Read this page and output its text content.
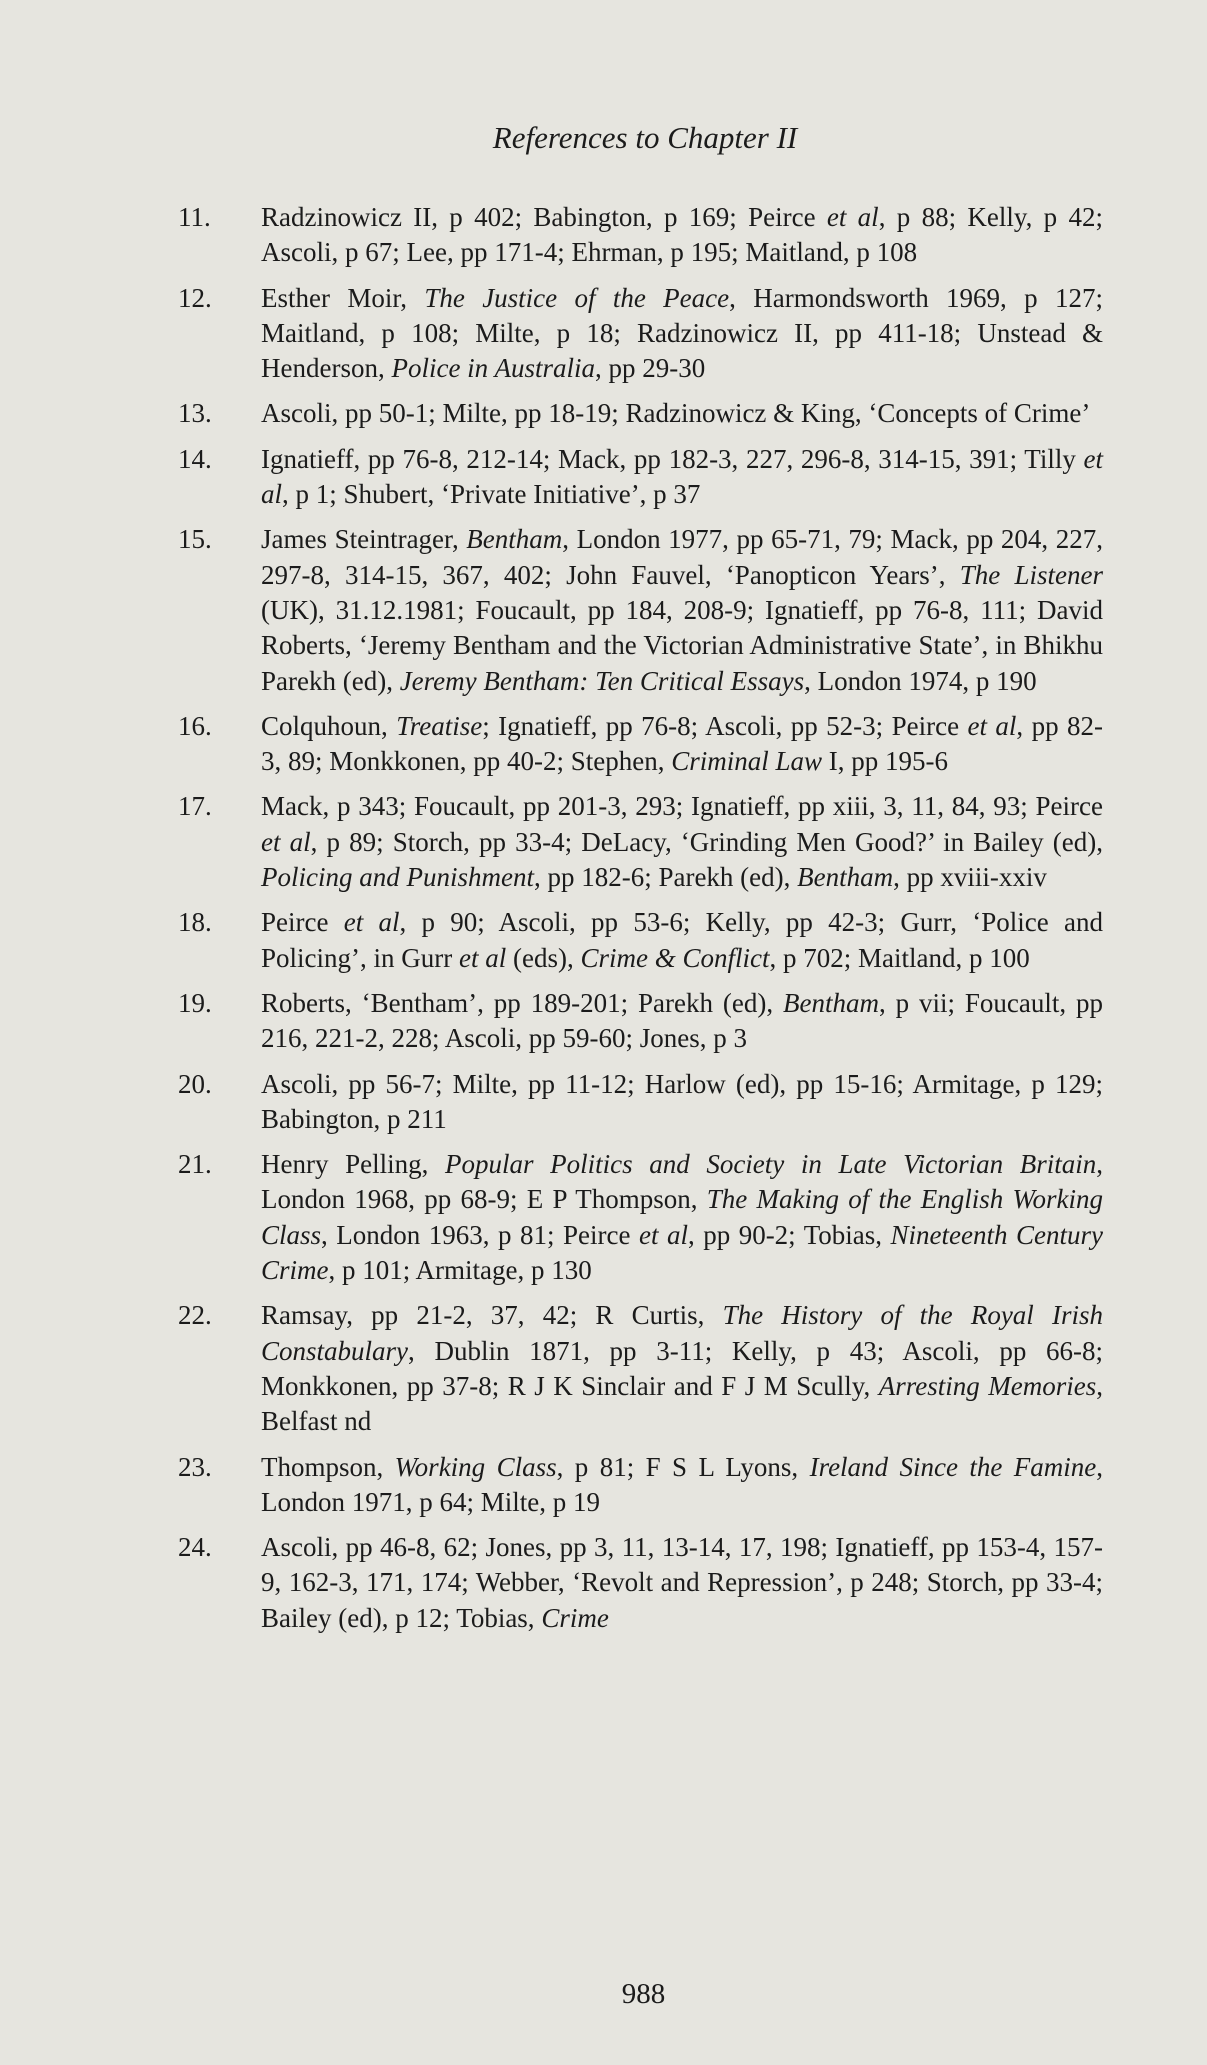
References to Chapter II
11.	Radzinowicz II, p 402; Babington, p 169; Peirce et al, p 88; Kelly, p 42; Ascoli, p 67; Lee, pp 171-4; Ehrman, p 195; Maitland, p 108
12.	Esther Moir, The Justice of the Peace, Harmondsworth 1969, p 127; Maitland, p 108; Milte, p 18; Radzinowicz II, pp 411-18; Unstead & Henderson, Police in Australia, pp 29-30
13.	Ascoli, pp 50-1; Milte, pp 18-19; Radzinowicz & King, ‘Concepts of Crime’
14.	Ignatieff, pp 76-8, 212-14; Mack, pp 182-3, 227, 296-8, 314-15, 391; Tilly et al, p 1; Shubert, ‘Private Initiative’, p 37
15.	James Steintrager, Bentham, London 1977, pp 65-71, 79; Mack, pp 204, 227, 297-8, 314-15, 367, 402; John Fauvel, ‘Panopticon Years’, The Listener (UK), 31.12.1981; Foucault, pp 184, 208-9; Ignatieff, pp 76-8, 111; David Roberts, ‘Jeremy Bentham and the Victorian Administrative State’, in Bhikhu Parekh (ed), Jeremy Bentham: Ten Critical Essays, London 1974, p 190
16.	Colquhoun, Treatise; Ignatieff, pp 76-8; Ascoli, pp 52-3; Peirce et al, pp 82-3, 89; Monkkonen, pp 40-2; Stephen, Criminal Law I, pp 195-6
17.	Mack, p 343; Foucault, pp 201-3, 293; Ignatieff, pp xiii, 3, 11, 84, 93; Peirce et al, p 89; Storch, pp 33-4; DeLacy, ‘Grinding Men Good?’ in Bailey (ed), Policing and Punishment, pp 182-6; Parekh (ed), Bentham, pp xviii-xxiv
18.	Peirce et al, p 90; Ascoli, pp 53-6; Kelly, pp 42-3; Gurr, ‘Police and Policing’, in Gurr et al (eds), Crime & Conflict, p 702; Maitland, p 100
19.	Roberts, ‘Bentham’, pp 189-201; Parekh (ed), Bentham, p vii; Foucault, pp 216, 221-2, 228; Ascoli, pp 59-60; Jones, p 3
20.	Ascoli, pp 56-7; Milte, pp 11-12; Harlow (ed), pp 15-16; Armitage, p 129; Babington, p 211
21.	Henry Pelling, Popular Politics and Society in Late Victorian Britain, London 1968, pp 68-9; E P Thompson, The Making of the English Working Class, London 1963, p 81; Peirce et al, pp 90-2; Tobias, Nineteenth Century Crime, p 101; Armitage, p 130
22.	Ramsay, pp 21-2, 37, 42; R Curtis, The History of the Royal Irish Constabulary, Dublin 1871, pp 3-11; Kelly, p 43; Ascoli, pp 66-8; Monkkonen, pp 37-8; R J K Sinclair and F J M Scully, Arresting Memories, Belfast nd
23.	Thompson, Working Class, p 81; F S L Lyons, Ireland Since the Famine, London 1971, p 64; Milte, p 19
24.	Ascoli, pp 46-8, 62; Jones, pp 3, 11, 13-14, 17, 198; Ignatieff, pp 153-4, 157-9, 162-3, 171, 174; Webber, ‘Revolt and Repression’, p 248; Storch, pp 33-4; Bailey (ed), p 12; Tobias, Crime
988
